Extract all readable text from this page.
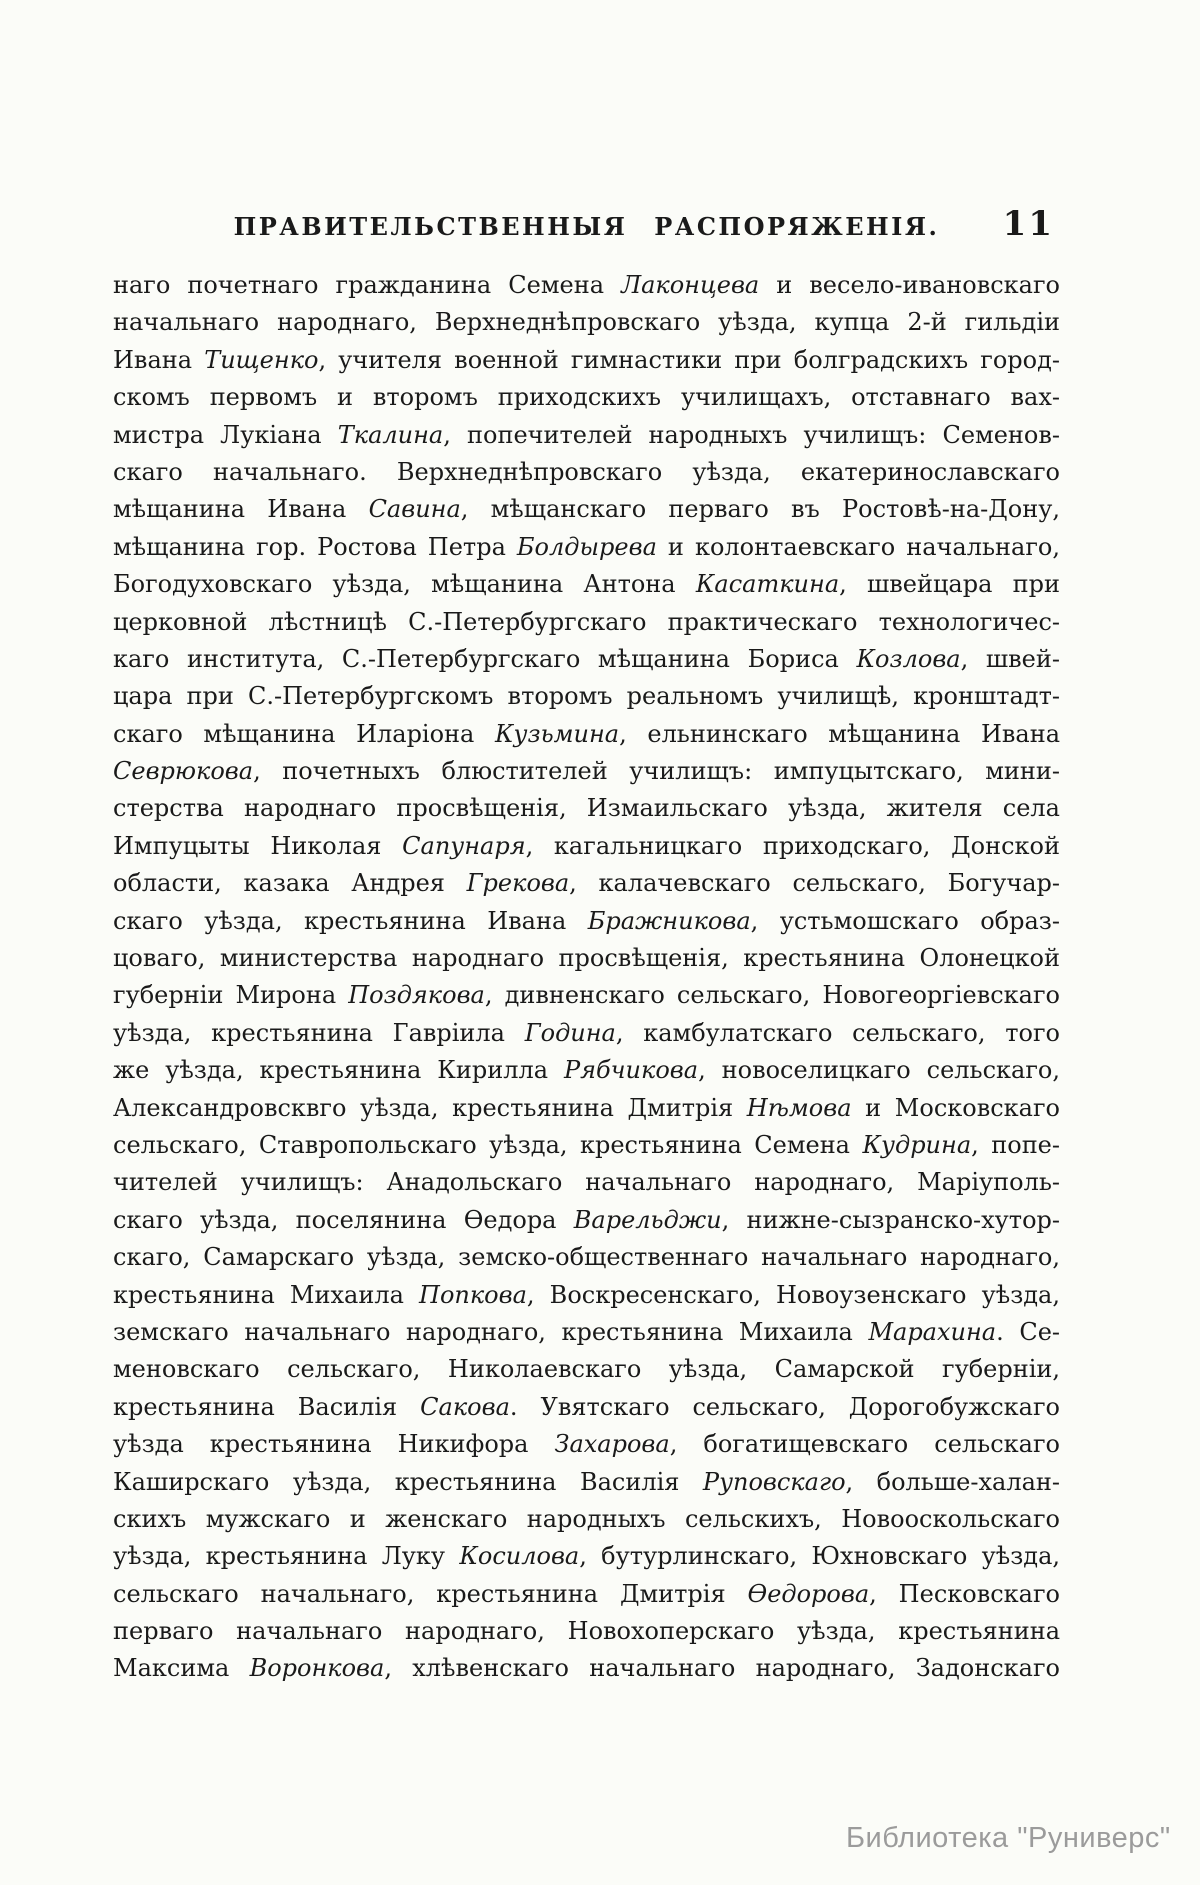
ПРАВИТЕЛЬСТВЕННЫЯ РАСПОРЯЖЕНІЯ.	11
наго почетнаго гражданина Семена Лаконцева и весело-ивановскаго
начальнаго народнаго, Верхнеднѣпровскаго уѣзда, купца 2-й гильдіи
Ивана Тищенко, учителя военной гимнастики при болградскихъ город-
скомъ первомъ и второмъ приходскихъ училищахъ, отставнаго вах-
мистра Лукіана Ткалина, попечителей народныхъ училищъ: Семенов-
скаго начальнаго. Верхнеднѣпровскаго уѣзда, екатеринославскаго
мѣщанина Ивана Савина, мѣщанскаго перваго въ Ростовѣ-на-Дону,
мѣщанина гор. Ростова Петра Болдырева и колонтаевскаго начальнаго,
Богодуховскаго уѣзда, мѣщанина Антона Касаткина, швейцара при
церковной лѣстницѣ С.-Петербургскаго практическаго технологичес-
каго института, С.-Петербургскаго мѣщанина Бориса Козлова, швей-
цара при С.-Петербургскомъ второмъ реальномъ училищѣ, кронштадт-
скаго мѣщанина Иларіона Кузьмина, ельнинскаго мѣщанина Ивана
Севрюкова, почетныхъ блюстителей училищъ: импуцытскаго, мини-
стерства народнаго просвѣщенія, Измаильскаго уѣзда, жителя села
Импуцыты Николая Сапунаря, кагальницкаго приходскаго, Донской
области, казака Андрея Грекова, калачевскаго сельскаго, Богучар-
скаго уѣзда, крестьянина Ивана Бражникова, устьмошскаго образ-
цоваго, министерства народнаго просвѣщенія, крестьянина Олонецкой
губерніи Мирона Поздякова, дивненскаго сельскаго, Новогеоргіевскаго
уѣзда, крестьянина Гавріила Година, камбулатскаго сельскаго, того
же уѣзда, крестьянина Кирилла Рябчикова, новоселицкаго сельскаго,
Александровсквго уѣзда, крестьянина Дмитрія Нѣмова и Московскаго
сельскаго, Ставропольскаго уѣзда, крестьянина Семена Кудрина, попе-
чителей училищъ: Анадольскаго начальнаго народнаго, Маріуполь-
скаго уѣзда, поселянина Ѳедора Варельджи, нижне-сызранско-хутор-
скаго, Самарскаго уѣзда, земско-общественнаго начальнаго народнаго,
крестьянина Михаила Попкова, Воскресенскаго, Новоузенскаго уѣзда,
земскаго начальнаго народнаго, крестьянина Михаила Марахина. Се-
меновскаго сельскаго, Николаевскаго уѣзда, Самарской губерніи,
крестьянина Василія Сакова. Увятскаго сельскаго, Дорогобужскаго
уѣзда крестьянина Никифора Захарова, богатищевскаго сельскаго
Каширскаго уѣзда, крестьянина Василія Руповскаго, больше-халан-
скихъ мужскаго и женскаго народныхъ сельскихъ, Новооскольскаго
уѣзда, крестьянина Луку Косилова, бутурлинскаго, Юхновскаго уѣзда,
сельскаго начальнаго, крестьянина Дмитрія Ѳедорова, Песковскаго
перваго начальнаго народнаго, Новохоперскаго уѣзда, крестьянина
Максима Воронкова, хлѣвенскаго начальнаго народнаго, Задонскаго
Библиотека "Руниверс"
